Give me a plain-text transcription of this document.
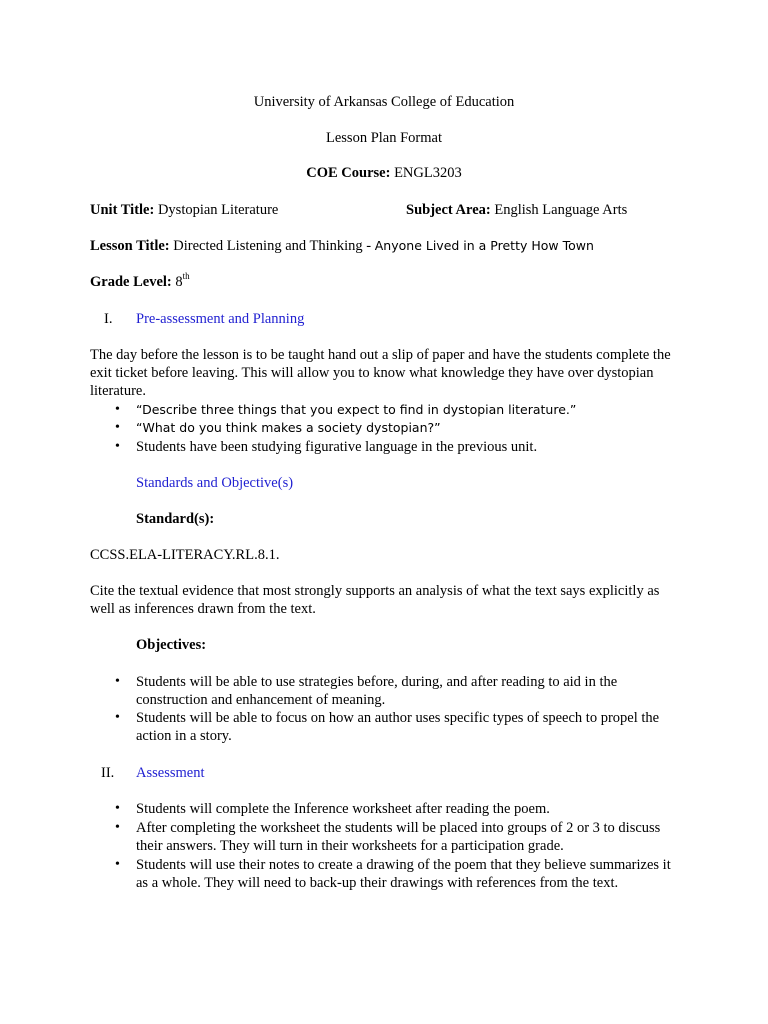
University of Arkansas College of Education
Lesson Plan Format
COE Course: ENGL3203
Unit Title: Dystopian Literature	Subject Area: English Language Arts
Lesson Title: Directed Listening and Thinking - Anyone Lived in a Pretty How Town
Grade Level: 8th
I. Pre-assessment and Planning
The day before the lesson is to be taught hand out a slip of paper and have the students complete the exit ticket before leaving. This will allow you to know what knowledge they have over dystopian literature.
• “Describe three things that you expect to find in dystopian literature.”
• “What do you think makes a society dystopian?”
• Students have been studying figurative language in the previous unit.
Standards and Objective(s)
Standard(s):
CCSS.ELA-LITERACY.RL.8.1.
Cite the textual evidence that most strongly supports an analysis of what the text says explicitly as well as inferences drawn from the text.
Objectives:
• Students will be able to use strategies before, during, and after reading to aid in the construction and enhancement of meaning.
• Students will be able to focus on how an author uses specific types of speech to propel the action in a story.
II. Assessment
• Students will complete the Inference worksheet after reading the poem.
• After completing the worksheet the students will be placed into groups of 2 or 3 to discuss their answers. They will turn in their worksheets for a participation grade.
• Students will use their notes to create a drawing of the poem that they believe summarizes it as a whole. They will need to back-up their drawings with references from the text.
